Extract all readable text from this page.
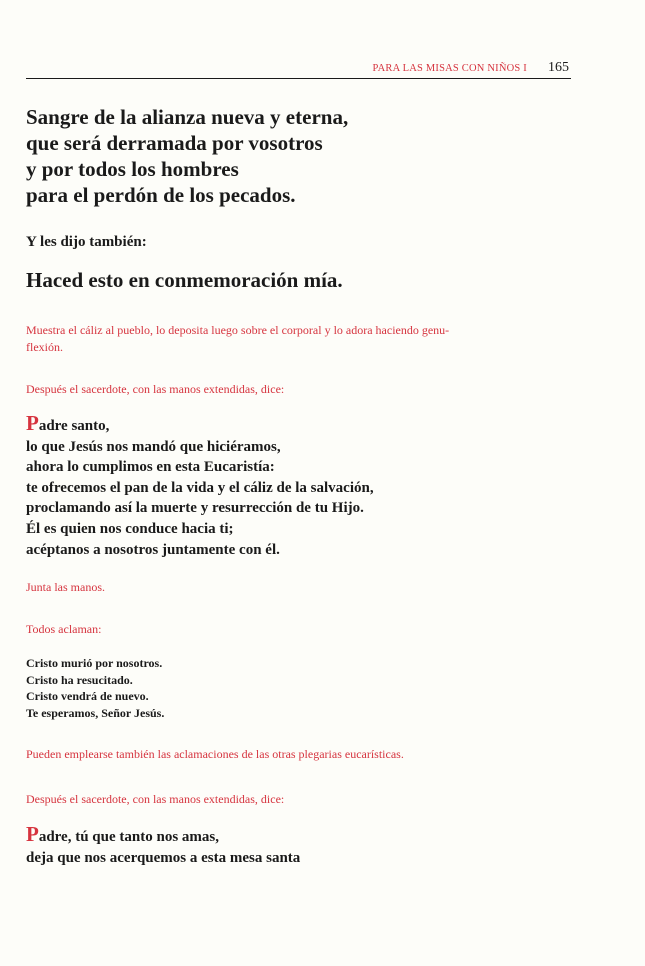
PARA LAS MISAS CON NIÑOS I 165
Sangre de la alianza nueva y eterna,
que será derramada por vosotros
y por todos los hombres
para el perdón de los pecados.

Y les dijo también:

Haced esto en conmemoración mía.

Muestra el cáliz al pueblo, lo deposita luego sobre el corporal y lo adora haciendo genu-
flexión.

Después el sacerdote, con las manos extendidas, dice:

Padre santo,
lo que Jesús nos mandó que hiciéramos,
ahora lo cumplimos en esta Eucaristía:
te ofrecemos el pan de la vida y el cáliz de la salvación,
proclamando así la muerte y resurrección de tu Hijo.
Él es quien nos conduce hacia ti;
acéptanos a nosotros juntamente con él.

Junta las manos.

Todos aclaman:

Cristo murió por nosotros.
Cristo ha resucitado.
Cristo vendrá de nuevo.
Te esperamos, Señor Jesús.

Pueden emplearse también las aclamaciones de las otras plegarias eucarísticas.

Después el sacerdote, con las manos extendidas, dice:

Padre, tú que tanto nos amas,
deja que nos acerquemos a esta mesa santa
